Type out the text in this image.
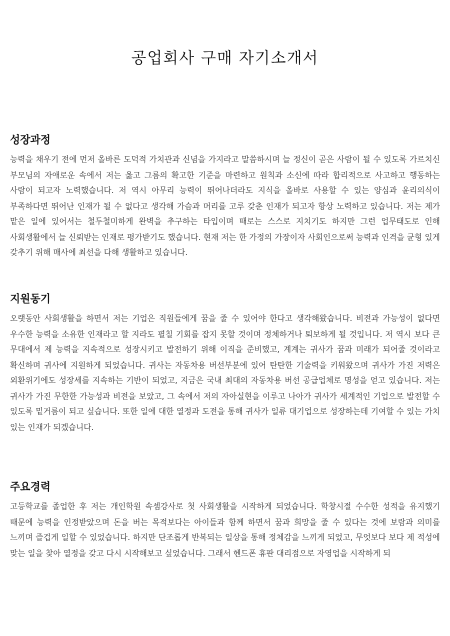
공업회사 구매 자기소개서
성장과정
능력을 채우기 전에 먼저 올바른 도덕적 가치관과 신념을 가지라고 말씀하시며 늘 정신이 곧은 사람이 될 수 있도록 가르치신 부모님의 자애로운 속에서 저는 옳고 그름의 확고한 기준을 마련하고 원칙과 소신에 따라 합리적으로 사고하고 행동하는 사람이 되고자 노력했습니다. 저 역시 아무리 능력이 뛰어나더라도 지식을 올바로 사용할 수 있는 양심과 윤리의식이 부족하다면 뛰어난 인재가 될 수 없다고 생각해 가슴과 머리를 고루 갖춘 인재가 되고자 항상 노력하고 있습니다. 저는 제가 맡은 일에 있어서는 철두철미하게 완벽을 추구하는 타입이며 때로는 스스로 지치기도 하지만 그런 업무태도로 인해 사회생활에서 늘 신뢰받는 인재로 평가받기도 했습니다. 현재 저는 한 가정의 가장이자 사회인으로써 능력과 인격을 균형 있게 갖추기 위해 매사에 최선을 다해 생활하고 있습니다.
지원동기
오랫동안 사회생활을 하면서 저는 기업은 직원들에게 꿈을 줄 수 있어야 한다고 생각해왔습니다. 비전과 가능성이 없다면 우수한 능력을 소유한 인재라고 할 지라도 펼칠 기회를 잡지 못할 것이며 정체하거나 퇴보하게 될 것입니다. 저 역시 보다 큰 무대에서 제 능력을 지속적으로 성장시키고 발전하기 위해 이직을 준비했고, 계계는 귀사가 꿈과 미래가 되어줄 것이라고 확신하며 귀사에 지원하게 되었습니다. 귀사는 자동차용 버선부분에 있어 탄탄한 기술력을 키워왔으며 귀사가 가진 저력은 외환위기에도 성장세를 지속하는 기반이 되었고, 지금은 국내 최대의 자동차용 버선 공급업체로 명성을 얻고 있습니다. 저는 귀사가 가진 무한한 가능성과 비전을 보았고, 그 속에서 저의 자아실현을 이루고 나아가 귀사가 세계적인 기업으로 발전할 수 있도록 밑거름이 되고 싶습니다. 또한 일에 대한 열정과 도전을 통해 귀사가 일류 대기업으로 성장하는데 기여할 수 있는 가치 있는 인재가 되겠습니다.
주요경력
고등학교를 졸업한 후 저는 개인학원 속셈강사로 첫 사회생활을 시작하게 되었습니다. 학창시절 수수한 성적을 유지했기 때문에 능력을 인정받았으며 돈을 버는 목적보다는 아이들과 함께 하면서 꿈과 희망을 줄 수 있다는 것에 보람과 의미를 느끼며 즐겁게 일할 수 있었습니다. 하지만 단조롭게 반복되는 일상을 통해 정체감을 느끼게 되었고, 무엇보다 보다 제 적성에 맞는 일을 찾아 열정을 갖고 다시 시작해보고 싶었습니다. 그래서 헨드폰 휴판 대리점으로 자영업을 시작하게 되
